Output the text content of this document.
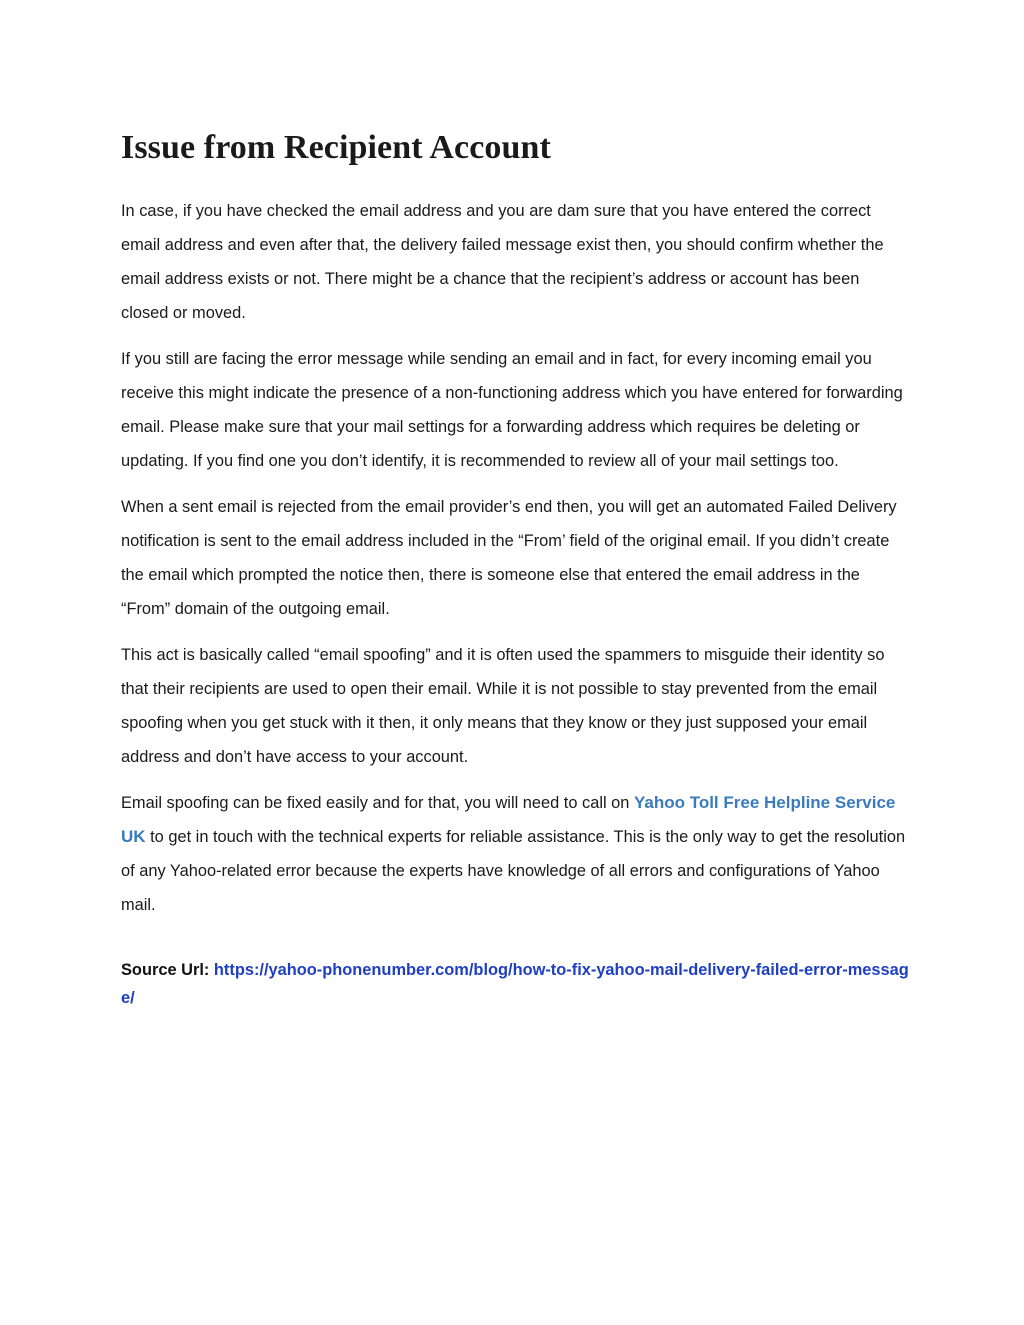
Issue from Recipient Account

In case, if you have checked the email address and you are dam sure that you have entered the correct email address and even after that, the delivery failed message exist then, you should confirm whether the email address exists or not. There might be a chance that the recipient’s address or account has been closed or moved.

If you still are facing the error message while sending an email and in fact, for every incoming email you receive this might indicate the presence of a non-functioning address which you have entered for forwarding email. Please make sure that your mail settings for a forwarding address which requires be deleting or updating. If you find one you don’t identify, it is recommended to review all of your mail settings too.

When a sent email is rejected from the email provider’s end then, you will get an automated Failed Delivery notification is sent to the email address included in the “From’ field of the original email. If you didn’t create the email which prompted the notice then, there is someone else that entered the email address in the “From” domain of the outgoing email.

This act is basically called “email spoofing” and it is often used the spammers to misguide their identity so that their recipients are used to open their email. While it is not possible to stay prevented from the email spoofing when you get stuck with it then, it only means that they know or they just supposed your email address and don’t have access to your account.

Email spoofing can be fixed easily and for that, you will need to call on Yahoo Toll Free Helpline Service UK to get in touch with the technical experts for reliable assistance. This is the only way to get the resolution of any Yahoo-related error because the experts have knowledge of all errors and configurations of Yahoo mail.

Source Url: https://yahoo-phonenumber.com/blog/how-to-fix-yahoo-mail-delivery-failed-error-message/
